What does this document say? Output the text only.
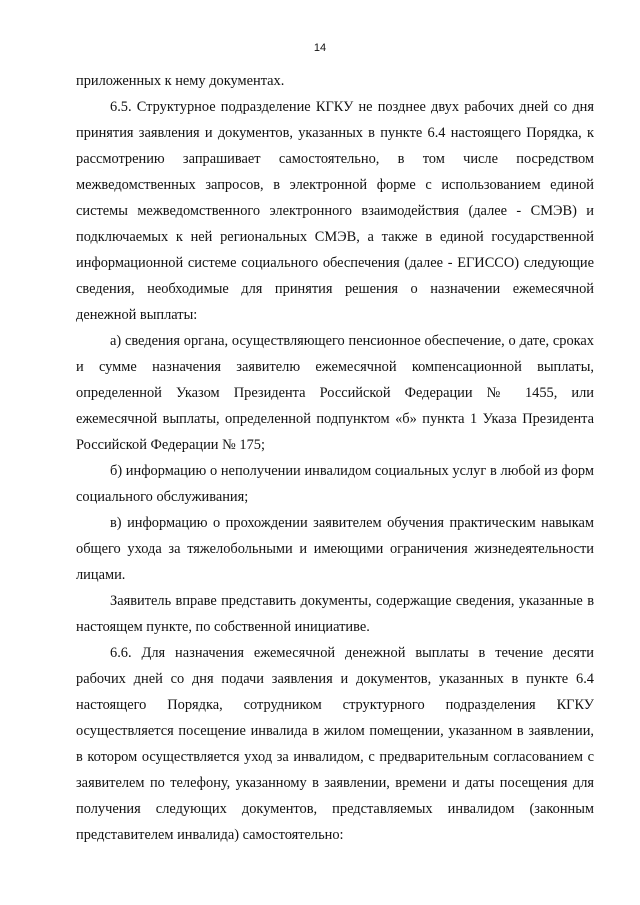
14

приложенных к нему документах.

6.5. Структурное подразделение КГКУ не позднее двух рабочих дней со дня принятия заявления и документов, указанных в пункте 6.4 настоящего Порядка, к рассмотрению запрашивает самостоятельно, в том числе посредством межведомственных запросов, в электронной форме с использованием единой системы межведомственного электронного взаимодействия (далее - СМЭВ) и подключаемых к ней региональных СМЭВ, а также в единой государственной информационной системе социального обеспечения (далее - ЕГИССО) следующие сведения, необходимые для принятия решения о назначении ежемесячной денежной выплаты:

а) сведения органа, осуществляющего пенсионное обеспечение, о дате, сроках и сумме назначения заявителю ежемесячной компенсационной выплаты, определенной Указом Президента Российской Федерации № 1455, или ежемесячной выплаты, определенной подпунктом «б» пункта 1 Указа Президента Российской Федерации № 175;

б) информацию о неполучении инвалидом социальных услуг в любой из форм социального обслуживания;

в) информацию о прохождении заявителем обучения практическим навыкам общего ухода за тяжелобольными и имеющими ограничения жизнедеятельности лицами.

Заявитель вправе представить документы, содержащие сведения, указанные в настоящем пункте, по собственной инициативе.

6.6. Для назначения ежемесячной денежной выплаты в течение десяти рабочих дней со дня подачи заявления и документов, указанных в пункте 6.4 настоящего Порядка, сотрудником структурного подразделения КГКУ осуществляется посещение инвалида в жилом помещении, указанном в заявлении, в котором осуществляется уход за инвалидом, с предварительным согласованием с заявителем по телефону, указанному в заявлении, времени и даты посещения для получения следующих документов, представляемых инвалидом (законным представителем инвалида) самостоятельно:
